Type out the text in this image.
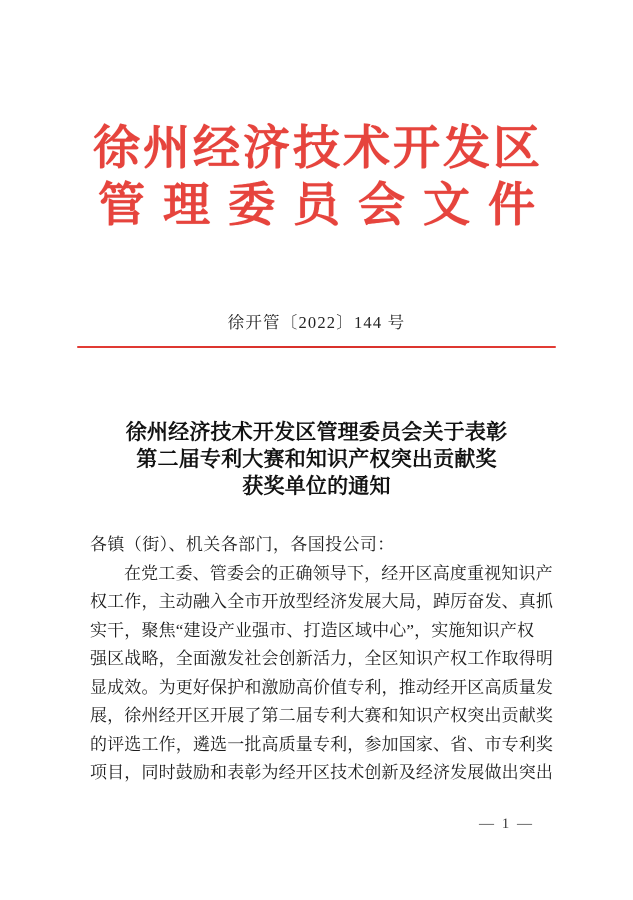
徐州经济技术开发区
管理委员会文件
徐开管〔2022〕144 号
徐州经济技术开发区管理委员会关于表彰
第二届专利大赛和知识产权突出贡献奖
获奖单位的通知
各镇（街）、机关各部门，各国投公司：
在党工委、管委会的正确领导下，经开区高度重视知识产
权工作，主动融入全市开放型经济发展大局，踔厉奋发、真抓
实干，聚焦“建设产业强市、打造区域中心”，实施知识产权
强区战略，全面激发社会创新活力，全区知识产权工作取得明
显成效。为更好保护和激励高价值专利，推动经开区高质量发
展，徐州经开区开展了第二届专利大赛和知识产权突出贡献奖
的评选工作，遴选一批高质量专利，参加国家、省、市专利奖
项目，同时鼓励和表彰为经开区技术创新及经济发展做出突出
— 1 —
